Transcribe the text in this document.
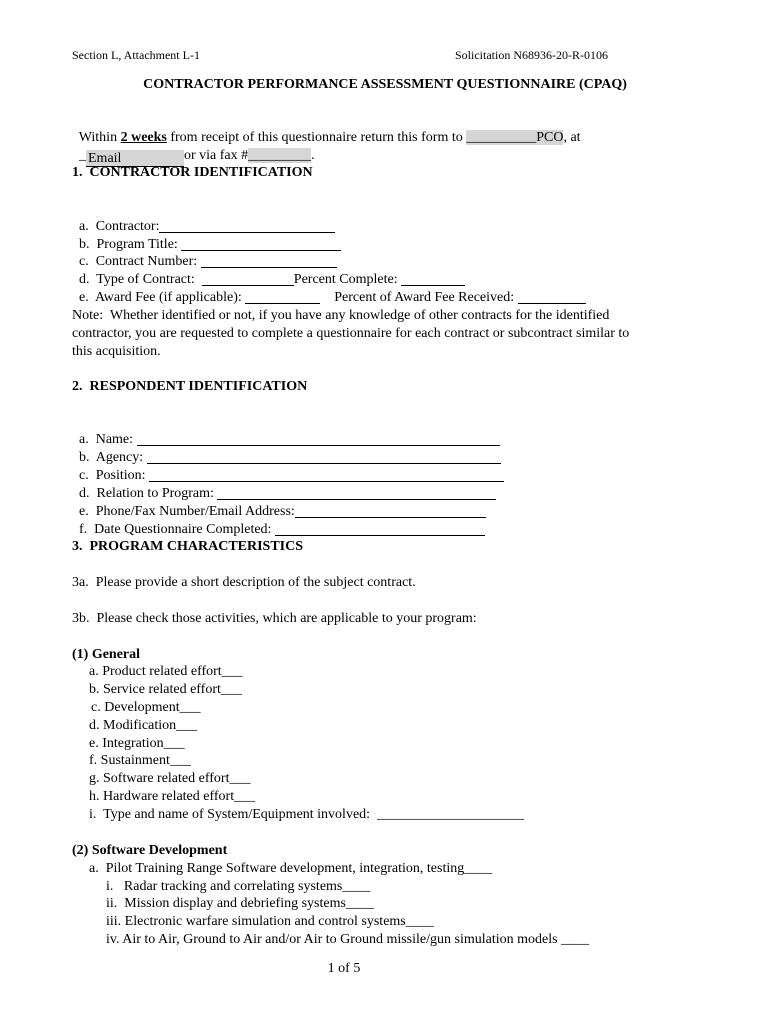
Section L, Attachment L-1	Solicitation N68936-20-R-0106
CONTRACTOR PERFORMANCE ASSESSMENT QUESTIONNAIRE (CPAQ)

Within 2 weeks from receipt of this questionnaire return this form to __________PCO, at

_ Email	or via fax #_________.

1.  CONTRACTOR IDENTIFICATION

a.  Contractor:

b.  Program Title:

c.  Contract Number:

d.  Type of Contract:	Percent Complete:

e.  Award Fee (if applicable):	Percent of Award Fee Received:

Note:  Whether identified or not, if you have any knowledge of other contracts for the identified
contractor, you are requested to complete a questionnaire for each contract or subcontract similar to
this acquisition.
2.  RESPONDENT IDENTIFICATION

a.  Name:

b.  Agency:

c.  Position:

d.  Relation to Program:

e.  Phone/Fax Number/Email Address:

f.  Date Questionnaire Completed:

3.  PROGRAM CHARACTERISTICS
3a.  Please provide a short description of the subject contract.
3b.  Please check those activities, which are applicable to your program:
(1) General
a. Product related effort___
b. Service related effort___
c. Development___
d. Modification___
e. Integration___
f. Sustainment___
g. Software related effort___
h. Hardware related effort___
i.  Type and name of System/Equipment involved:  _____________________
(2) Software Development
a.  Pilot Training Range Software development, integration, testing____
i.   Radar tracking and correlating systems____
ii.  Mission display and debriefing systems____
iii. Electronic warfare simulation and control systems____
iv. Air to Air, Ground to Air and/or Air to Ground missile/gun simulation models ____
1 of 5
